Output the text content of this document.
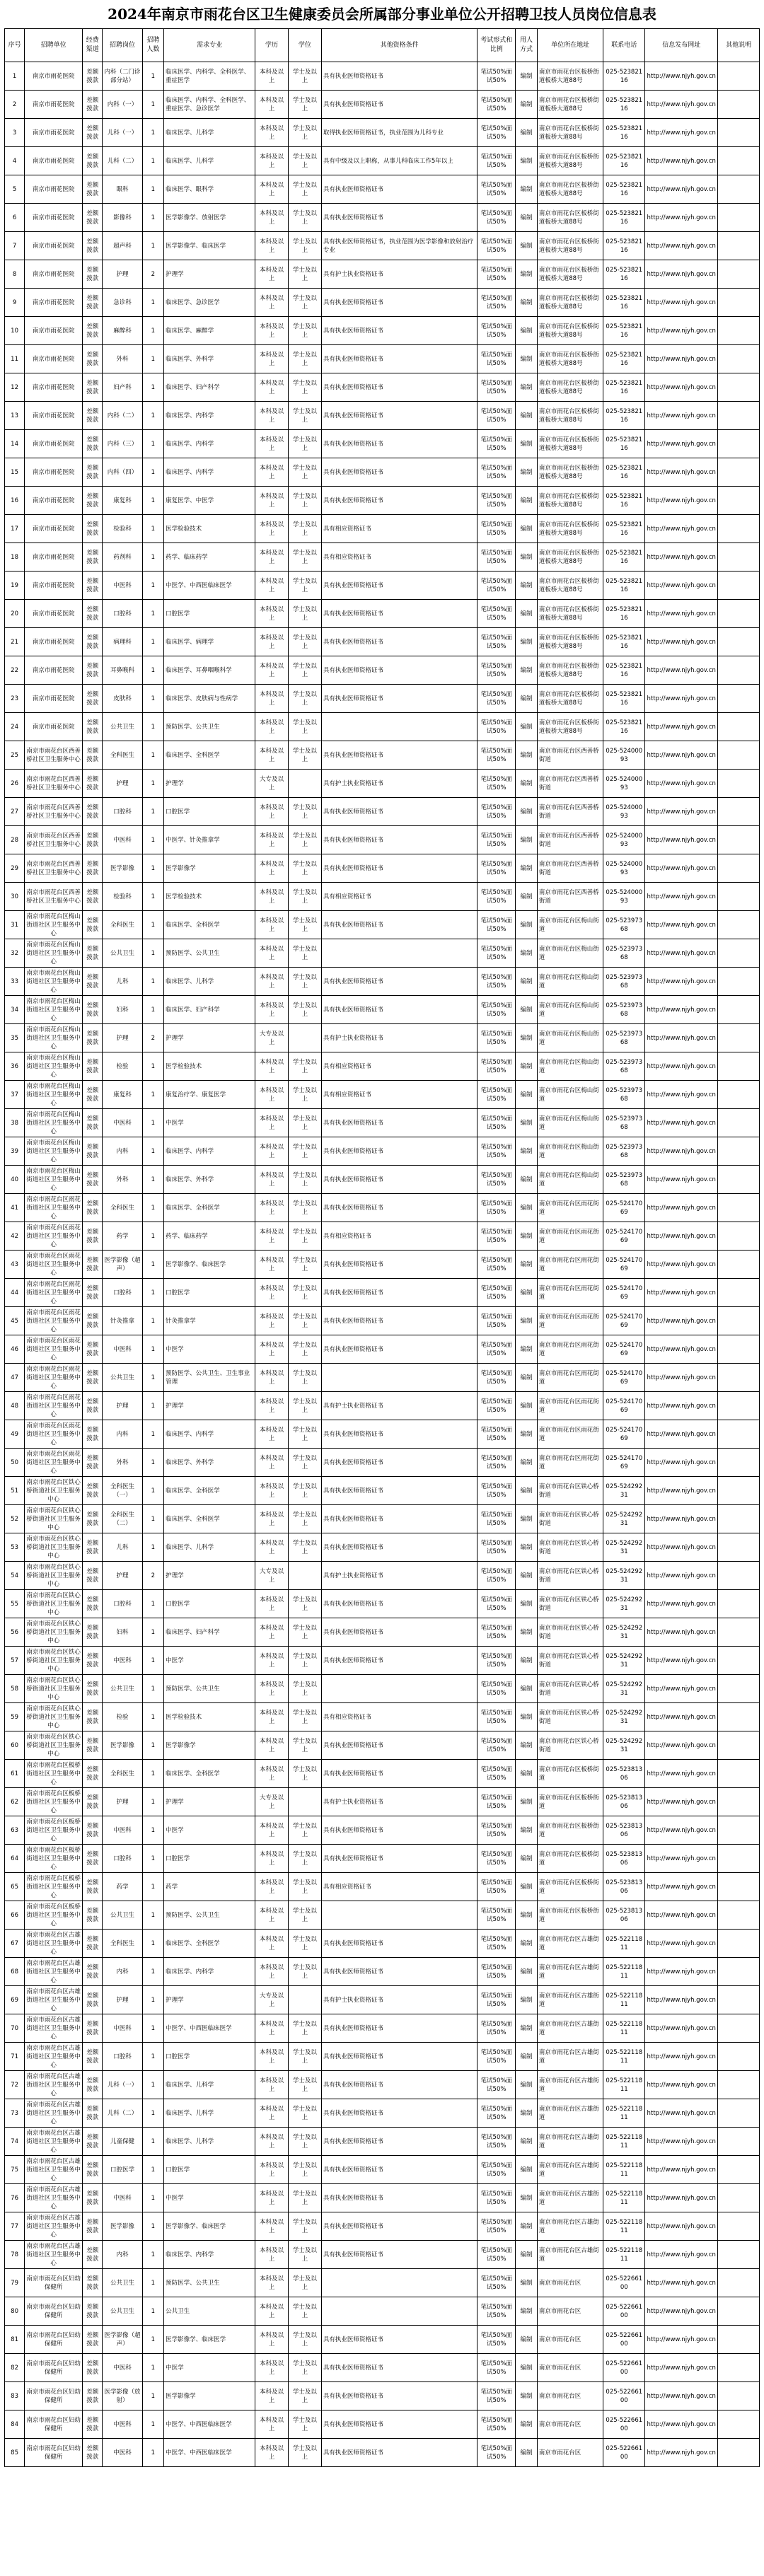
2024年南京市雨花台区卫生健康委员会所属部分事业单位公开招聘卫技人员岗位信息表
序号	招聘单位	经费渠道	招聘岗位	招聘人数	需求专业	学历	学位	其他资格条件	考试形式和比例	用人方式	单位所在地址	联系电话	信息发布网址	其他说明
1	南京市雨花医院	差额拨款	内科（二门诊部分站）	1	临床医学、内科学、全科医学、重症医学	本科及以上	学士及以上	具有执业医师资格证书	笔试50%面试50%	编制	南京市雨花台区板桥街道板桥大道88号	025-52382116	http://www.njyh.gov.cn	
2	南京市雨花医院	差额拨款	内科（一）	1	临床医学、内科学、全科医学、重症医学、急诊医学	本科及以上	学士及以上	具有执业医师资格证书	笔试50%面试50%	编制	南京市雨花台区板桥街道板桥大道88号	025-52382116	http://www.njyh.gov.cn	
3	南京市雨花医院	差额拨款	儿科（一）	1	临床医学、儿科学	本科及以上	学士及以上	取得执业医师资格证书，执业范围为儿科专业	笔试50%面试50%	编制	南京市雨花台区板桥街道板桥大道88号	025-52382116	http://www.njyh.gov.cn	
4	南京市雨花医院	差额拨款	儿科（二）	1	临床医学、儿科学	本科及以上	学士及以上	具有中级及以上职称，从事儿科临床工作5年以上	笔试50%面试50%	编制	南京市雨花台区板桥街道板桥大道88号	025-52382116	http://www.njyh.gov.cn	
5	南京市雨花医院	差额拨款	眼科	1	临床医学、眼科学	本科及以上	学士及以上	具有执业医师资格证书	笔试50%面试50%	编制	南京市雨花台区板桥街道板桥大道88号	025-52382116	http://www.njyh.gov.cn	
6	南京市雨花医院	差额拨款	影像科	1	医学影像学、放射医学	本科及以上	学士及以上	具有执业医师资格证书	笔试50%面试50%	编制	南京市雨花台区板桥街道板桥大道88号	025-52382116	http://www.njyh.gov.cn	
7	南京市雨花医院	差额拨款	超声科	1	医学影像学、临床医学	本科及以上	学士及以上	具有执业医师资格证书，执业范围为医学影像和放射治疗专业	笔试50%面试50%	编制	南京市雨花台区板桥街道板桥大道88号	025-52382116	http://www.njyh.gov.cn	
8	南京市雨花医院	差额拨款	护理	2	护理学	本科及以上	学士及以上	具有护士执业资格证书	笔试50%面试50%	编制	南京市雨花台区板桥街道板桥大道88号	025-52382116	http://www.njyh.gov.cn	
9	南京市雨花医院	差额拨款	急诊科	1	临床医学、急诊医学	本科及以上	学士及以上	具有执业医师资格证书	笔试50%面试50%	编制	南京市雨花台区板桥街道板桥大道88号	025-52382116	http://www.njyh.gov.cn	
10	南京市雨花医院	差额拨款	麻醉科	1	临床医学、麻醉学	本科及以上	学士及以上	具有执业医师资格证书	笔试50%面试50%	编制	南京市雨花台区板桥街道板桥大道88号	025-52382116	http://www.njyh.gov.cn	
11	南京市雨花医院	差额拨款	外科	1	临床医学、外科学	本科及以上	学士及以上	具有执业医师资格证书	笔试50%面试50%	编制	南京市雨花台区板桥街道板桥大道88号	025-52382116	http://www.njyh.gov.cn	
12	南京市雨花医院	差额拨款	妇产科	1	临床医学、妇产科学	本科及以上	学士及以上	具有执业医师资格证书	笔试50%面试50%	编制	南京市雨花台区板桥街道板桥大道88号	025-52382116	http://www.njyh.gov.cn	
13	南京市雨花医院	差额拨款	内科（二）	1	临床医学、内科学	本科及以上	学士及以上	具有执业医师资格证书	笔试50%面试50%	编制	南京市雨花台区板桥街道板桥大道88号	025-52382116	http://www.njyh.gov.cn	
14	南京市雨花医院	差额拨款	内科（三）	1	临床医学、内科学	本科及以上	学士及以上	具有执业医师资格证书	笔试50%面试50%	编制	南京市雨花台区板桥街道板桥大道88号	025-52382116	http://www.njyh.gov.cn	
15	南京市雨花医院	差额拨款	内科（四）	1	临床医学、内科学	本科及以上	学士及以上	具有执业医师资格证书	笔试50%面试50%	编制	南京市雨花台区板桥街道板桥大道88号	025-52382116	http://www.njyh.gov.cn	
16	南京市雨花医院	差额拨款	康复科	1	康复医学、中医学	本科及以上	学士及以上	具有执业医师资格证书	笔试50%面试50%	编制	南京市雨花台区板桥街道板桥大道88号	025-52382116	http://www.njyh.gov.cn	
17	南京市雨花医院	差额拨款	检验科	1	医学检验技术	本科及以上	学士及以上	具有相应资格证书	笔试50%面试50%	编制	南京市雨花台区板桥街道板桥大道88号	025-52382116	http://www.njyh.gov.cn	
18	南京市雨花医院	差额拨款	药剂科	1	药学、临床药学	本科及以上	学士及以上	具有相应资格证书	笔试50%面试50%	编制	南京市雨花台区板桥街道板桥大道88号	025-52382116	http://www.njyh.gov.cn	
19	南京市雨花医院	差额拨款	中医科	1	中医学、中西医临床医学	本科及以上	学士及以上	具有执业医师资格证书	笔试50%面试50%	编制	南京市雨花台区板桥街道板桥大道88号	025-52382116	http://www.njyh.gov.cn	
20	南京市雨花医院	差额拨款	口腔科	1	口腔医学	本科及以上	学士及以上	具有执业医师资格证书	笔试50%面试50%	编制	南京市雨花台区板桥街道板桥大道88号	025-52382116	http://www.njyh.gov.cn	
21	南京市雨花医院	差额拨款	病理科	1	临床医学、病理学	本科及以上	学士及以上	具有执业医师资格证书	笔试50%面试50%	编制	南京市雨花台区板桥街道板桥大道88号	025-52382116	http://www.njyh.gov.cn	
22	南京市雨花医院	差额拨款	耳鼻喉科	1	临床医学、耳鼻咽喉科学	本科及以上	学士及以上	具有执业医师资格证书	笔试50%面试50%	编制	南京市雨花台区板桥街道板桥大道88号	025-52382116	http://www.njyh.gov.cn	
23	南京市雨花医院	差额拨款	皮肤科	1	临床医学、皮肤病与性病学	本科及以上	学士及以上	具有执业医师资格证书	笔试50%面试50%	编制	南京市雨花台区板桥街道板桥大道88号	025-52382116	http://www.njyh.gov.cn	
24	南京市雨花医院	差额拨款	公共卫生	1	预防医学、公共卫生	本科及以上	学士及以上		笔试50%面试50%	编制	南京市雨花台区板桥街道板桥大道88号	025-52382116	http://www.njyh.gov.cn	
25	南京市雨花台区西善桥社区卫生服务中心	差额拨款	全科医生	1	临床医学、全科医学	本科及以上	学士及以上	具有执业医师资格证书	笔试50%面试50%	编制	南京市雨花台区西善桥街道	025-52400093	http://www.njyh.gov.cn	
26	南京市雨花台区西善桥社区卫生服务中心	差额拨款	护理	1	护理学	大专及以上		具有护士执业资格证书	笔试50%面试50%	编制	南京市雨花台区西善桥街道	025-52400093	http://www.njyh.gov.cn	
27	南京市雨花台区西善桥社区卫生服务中心	差额拨款	口腔科	1	口腔医学	本科及以上	学士及以上	具有执业医师资格证书	笔试50%面试50%	编制	南京市雨花台区西善桥街道	025-52400093	http://www.njyh.gov.cn	
28	南京市雨花台区西善桥社区卫生服务中心	差额拨款	中医科	1	中医学、针灸推拿学	本科及以上	学士及以上	具有执业医师资格证书	笔试50%面试50%	编制	南京市雨花台区西善桥街道	025-52400093	http://www.njyh.gov.cn	
29	南京市雨花台区西善桥社区卫生服务中心	差额拨款	医学影像	1	医学影像学	本科及以上	学士及以上	具有执业医师资格证书	笔试50%面试50%	编制	南京市雨花台区西善桥街道	025-52400093	http://www.njyh.gov.cn	
30	南京市雨花台区西善桥社区卫生服务中心	差额拨款	检验科	1	医学检验技术	本科及以上	学士及以上	具有相应资格证书	笔试50%面试50%	编制	南京市雨花台区西善桥街道	025-52400093	http://www.njyh.gov.cn	
31	南京市雨花台区梅山街道社区卫生服务中心	差额拨款	全科医生	1	临床医学、全科医学	本科及以上	学士及以上	具有执业医师资格证书	笔试50%面试50%	编制	南京市雨花台区梅山街道	025-52397368	http://www.njyh.gov.cn	
32	南京市雨花台区梅山街道社区卫生服务中心	差额拨款	公共卫生	1	预防医学、公共卫生	本科及以上	学士及以上		笔试50%面试50%	编制	南京市雨花台区梅山街道	025-52397368	http://www.njyh.gov.cn	
33	南京市雨花台区梅山街道社区卫生服务中心	差额拨款	儿科	1	临床医学、儿科学	本科及以上	学士及以上	具有执业医师资格证书	笔试50%面试50%	编制	南京市雨花台区梅山街道	025-52397368	http://www.njyh.gov.cn	
34	南京市雨花台区梅山街道社区卫生服务中心	差额拨款	妇科	1	临床医学、妇产科学	本科及以上	学士及以上	具有执业医师资格证书	笔试50%面试50%	编制	南京市雨花台区梅山街道	025-52397368	http://www.njyh.gov.cn	
35	南京市雨花台区梅山街道社区卫生服务中心	差额拨款	护理	2	护理学	大专及以上		具有护士执业资格证书	笔试50%面试50%	编制	南京市雨花台区梅山街道	025-52397368	http://www.njyh.gov.cn	
36	南京市雨花台区梅山街道社区卫生服务中心	差额拨款	检验	1	医学检验技术	本科及以上	学士及以上	具有相应资格证书	笔试50%面试50%	编制	南京市雨花台区梅山街道	025-52397368	http://www.njyh.gov.cn	
37	南京市雨花台区梅山街道社区卫生服务中心	差额拨款	康复科	1	康复治疗学、康复医学	本科及以上	学士及以上	具有相应资格证书	笔试50%面试50%	编制	南京市雨花台区梅山街道	025-52397368	http://www.njyh.gov.cn	
38	南京市雨花台区梅山街道社区卫生服务中心	差额拨款	中医科	1	中医学	本科及以上	学士及以上	具有执业医师资格证书	笔试50%面试50%	编制	南京市雨花台区梅山街道	025-52397368	http://www.njyh.gov.cn	
39	南京市雨花台区梅山街道社区卫生服务中心	差额拨款	内科	1	临床医学、内科学	本科及以上	学士及以上	具有执业医师资格证书	笔试50%面试50%	编制	南京市雨花台区梅山街道	025-52397368	http://www.njyh.gov.cn	
40	南京市雨花台区梅山街道社区卫生服务中心	差额拨款	外科	1	临床医学、外科学	本科及以上	学士及以上	具有执业医师资格证书	笔试50%面试50%	编制	南京市雨花台区梅山街道	025-52397368	http://www.njyh.gov.cn	
41	南京市雨花台区雨花街道社区卫生服务中心	差额拨款	全科医生	1	临床医学、全科医学	本科及以上	学士及以上	具有执业医师资格证书	笔试50%面试50%	编制	南京市雨花台区雨花街道	025-52417069	http://www.njyh.gov.cn	
42	南京市雨花台区雨花街道社区卫生服务中心	差额拨款	药学	1	药学、临床药学	本科及以上	学士及以上	具有相应资格证书	笔试50%面试50%	编制	南京市雨花台区雨花街道	025-52417069	http://www.njyh.gov.cn	
43	南京市雨花台区雨花街道社区卫生服务中心	差额拨款	医学影像（超声）	1	医学影像学、临床医学	本科及以上	学士及以上	具有执业医师资格证书	笔试50%面试50%	编制	南京市雨花台区雨花街道	025-52417069	http://www.njyh.gov.cn	
44	南京市雨花台区雨花街道社区卫生服务中心	差额拨款	口腔科	1	口腔医学	本科及以上	学士及以上	具有执业医师资格证书	笔试50%面试50%	编制	南京市雨花台区雨花街道	025-52417069	http://www.njyh.gov.cn	
45	南京市雨花台区雨花街道社区卫生服务中心	差额拨款	针灸推拿	1	针灸推拿学	本科及以上	学士及以上	具有执业医师资格证书	笔试50%面试50%	编制	南京市雨花台区雨花街道	025-52417069	http://www.njyh.gov.cn	
46	南京市雨花台区雨花街道社区卫生服务中心	差额拨款	中医科	1	中医学	本科及以上	学士及以上	具有执业医师资格证书	笔试50%面试50%	编制	南京市雨花台区雨花街道	025-52417069	http://www.njyh.gov.cn	
47	南京市雨花台区雨花街道社区卫生服务中心	差额拨款	公共卫生	1	预防医学、公共卫生、卫生事业管理	本科及以上	学士及以上		笔试50%面试50%	编制	南京市雨花台区雨花街道	025-52417069	http://www.njyh.gov.cn	
48	南京市雨花台区雨花街道社区卫生服务中心	差额拨款	护理	1	护理学	本科及以上	学士及以上	具有护士执业资格证书	笔试50%面试50%	编制	南京市雨花台区雨花街道	025-52417069	http://www.njyh.gov.cn	
49	南京市雨花台区雨花街道社区卫生服务中心	差额拨款	内科	1	临床医学、内科学	本科及以上	学士及以上	具有执业医师资格证书	笔试50%面试50%	编制	南京市雨花台区雨花街道	025-52417069	http://www.njyh.gov.cn	
50	南京市雨花台区雨花街道社区卫生服务中心	差额拨款	外科	1	临床医学、外科学	本科及以上	学士及以上	具有执业医师资格证书	笔试50%面试50%	编制	南京市雨花台区雨花街道	025-52417069	http://www.njyh.gov.cn	
51	南京市雨花台区铁心桥街道社区卫生服务中心	差额拨款	全科医生（一）	1	临床医学、全科医学	本科及以上	学士及以上	具有执业医师资格证书	笔试50%面试50%	编制	南京市雨花台区铁心桥街道	025-52429231	http://www.njyh.gov.cn	
52	南京市雨花台区铁心桥街道社区卫生服务中心	差额拨款	全科医生（二）	1	临床医学、全科医学	本科及以上	学士及以上	具有执业医师资格证书	笔试50%面试50%	编制	南京市雨花台区铁心桥街道	025-52429231	http://www.njyh.gov.cn	
53	南京市雨花台区铁心桥街道社区卫生服务中心	差额拨款	儿科	1	临床医学、儿科学	本科及以上	学士及以上	具有执业医师资格证书	笔试50%面试50%	编制	南京市雨花台区铁心桥街道	025-52429231	http://www.njyh.gov.cn	
54	南京市雨花台区铁心桥街道社区卫生服务中心	差额拨款	护理	2	护理学	大专及以上		具有护士执业资格证书	笔试50%面试50%	编制	南京市雨花台区铁心桥街道	025-52429231	http://www.njyh.gov.cn	
55	南京市雨花台区铁心桥街道社区卫生服务中心	差额拨款	口腔科	1	口腔医学	本科及以上	学士及以上	具有执业医师资格证书	笔试50%面试50%	编制	南京市雨花台区铁心桥街道	025-52429231	http://www.njyh.gov.cn	
56	南京市雨花台区铁心桥街道社区卫生服务中心	差额拨款	妇科	1	临床医学、妇产科学	本科及以上	学士及以上	具有执业医师资格证书	笔试50%面试50%	编制	南京市雨花台区铁心桥街道	025-52429231	http://www.njyh.gov.cn	
57	南京市雨花台区铁心桥街道社区卫生服务中心	差额拨款	中医科	1	中医学	本科及以上	学士及以上	具有执业医师资格证书	笔试50%面试50%	编制	南京市雨花台区铁心桥街道	025-52429231	http://www.njyh.gov.cn	
58	南京市雨花台区铁心桥街道社区卫生服务中心	差额拨款	公共卫生	1	预防医学、公共卫生	本科及以上	学士及以上		笔试50%面试50%	编制	南京市雨花台区铁心桥街道	025-52429231	http://www.njyh.gov.cn	
59	南京市雨花台区铁心桥街道社区卫生服务中心	差额拨款	检验	1	医学检验技术	本科及以上	学士及以上	具有相应资格证书	笔试50%面试50%	编制	南京市雨花台区铁心桥街道	025-52429231	http://www.njyh.gov.cn	
60	南京市雨花台区铁心桥街道社区卫生服务中心	差额拨款	医学影像	1	医学影像学	本科及以上	学士及以上	具有执业医师资格证书	笔试50%面试50%	编制	南京市雨花台区铁心桥街道	025-52429231	http://www.njyh.gov.cn	
61	南京市雨花台区板桥街道社区卫生服务中心	差额拨款	全科医生	1	临床医学、全科医学	本科及以上	学士及以上	具有执业医师资格证书	笔试50%面试50%	编制	南京市雨花台区板桥街道	025-52381306	http://www.njyh.gov.cn	
62	南京市雨花台区板桥街道社区卫生服务中心	差额拨款	护理	1	护理学	大专及以上		具有护士执业资格证书	笔试50%面试50%	编制	南京市雨花台区板桥街道	025-52381306	http://www.njyh.gov.cn	
63	南京市雨花台区板桥街道社区卫生服务中心	差额拨款	中医科	1	中医学	本科及以上	学士及以上	具有执业医师资格证书	笔试50%面试50%	编制	南京市雨花台区板桥街道	025-52381306	http://www.njyh.gov.cn	
64	南京市雨花台区板桥街道社区卫生服务中心	差额拨款	口腔科	1	口腔医学	本科及以上	学士及以上	具有执业医师资格证书	笔试50%面试50%	编制	南京市雨花台区板桥街道	025-52381306	http://www.njyh.gov.cn	
65	南京市雨花台区板桥街道社区卫生服务中心	差额拨款	药学	1	药学	本科及以上	学士及以上	具有相应资格证书	笔试50%面试50%	编制	南京市雨花台区板桥街道	025-52381306	http://www.njyh.gov.cn	
66	南京市雨花台区板桥街道社区卫生服务中心	差额拨款	公共卫生	1	预防医学、公共卫生	本科及以上	学士及以上		笔试50%面试50%	编制	南京市雨花台区板桥街道	025-52381306	http://www.njyh.gov.cn	
67	南京市雨花台区古雄街道社区卫生服务中心	差额拨款	全科医生	1	临床医学、全科医学	本科及以上	学士及以上	具有执业医师资格证书	笔试50%面试50%	编制	南京市雨花台区古雄街道	025-52211811	http://www.njyh.gov.cn	
68	南京市雨花台区古雄街道社区卫生服务中心	差额拨款	内科	1	临床医学、内科学	本科及以上	学士及以上	具有执业医师资格证书	笔试50%面试50%	编制	南京市雨花台区古雄街道	025-52211811	http://www.njyh.gov.cn	
69	南京市雨花台区古雄街道社区卫生服务中心	差额拨款	护理	1	护理学	大专及以上		具有护士执业资格证书	笔试50%面试50%	编制	南京市雨花台区古雄街道	025-52211811	http://www.njyh.gov.cn	
70	南京市雨花台区古雄街道社区卫生服务中心	差额拨款	中医科	1	中医学、中西医临床医学	本科及以上	学士及以上	具有执业医师资格证书	笔试50%面试50%	编制	南京市雨花台区古雄街道	025-52211811	http://www.njyh.gov.cn	
71	南京市雨花台区古雄街道社区卫生服务中心	差额拨款	口腔科	1	口腔医学	本科及以上	学士及以上	具有执业医师资格证书	笔试50%面试50%	编制	南京市雨花台区古雄街道	025-52211811	http://www.njyh.gov.cn	
72	南京市雨花台区古雄街道社区卫生服务中心	差额拨款	儿科（一）	1	临床医学、儿科学	本科及以上	学士及以上	具有执业医师资格证书	笔试50%面试50%	编制	南京市雨花台区古雄街道	025-52211811	http://www.njyh.gov.cn	
73	南京市雨花台区古雄街道社区卫生服务中心	差额拨款	儿科（二）	1	临床医学、儿科学	本科及以上	学士及以上	具有执业医师资格证书	笔试50%面试50%	编制	南京市雨花台区古雄街道	025-52211811	http://www.njyh.gov.cn	
74	南京市雨花台区古雄街道社区卫生服务中心	差额拨款	儿童保健	1	临床医学、儿科学	本科及以上	学士及以上	具有执业医师资格证书	笔试50%面试50%	编制	南京市雨花台区古雄街道	025-52211811	http://www.njyh.gov.cn	
75	南京市雨花台区古雄街道社区卫生服务中心	差额拨款	口腔医学	1	口腔医学	本科及以上	学士及以上	具有执业医师资格证书	笔试50%面试50%	编制	南京市雨花台区古雄街道	025-52211811	http://www.njyh.gov.cn	
76	南京市雨花台区古雄街道社区卫生服务中心	差额拨款	中医科	1	中医学	本科及以上	学士及以上	具有执业医师资格证书	笔试50%面试50%	编制	南京市雨花台区古雄街道	025-52211811	http://www.njyh.gov.cn	
77	南京市雨花台区古雄街道社区卫生服务中心	差额拨款	医学影像	1	医学影像学、临床医学	本科及以上	学士及以上	具有执业医师资格证书	笔试50%面试50%	编制	南京市雨花台区古雄街道	025-52211811	http://www.njyh.gov.cn	
78	南京市雨花台区古雄街道社区卫生服务中心	差额拨款	内科	1	临床医学、内科学	本科及以上	学士及以上	具有执业医师资格证书	笔试50%面试50%	编制	南京市雨花台区古雄街道	025-52211811	http://www.njyh.gov.cn	
79	南京市雨花台区妇幼保健所	差额拨款	公共卫生	1	预防医学、公共卫生	本科及以上	学士及以上		笔试50%面试50%	编制	南京市雨花台区	025-52266100	http://www.njyh.gov.cn	
80	南京市雨花台区妇幼保健所	差额拨款	公共卫生	1	公共卫生	本科及以上	学士及以上		笔试50%面试50%	编制	南京市雨花台区	025-52266100	http://www.njyh.gov.cn	
81	南京市雨花台区妇幼保健所	差额拨款	医学影像（超声）	1	医学影像学、临床医学	本科及以上	学士及以上	具有执业医师资格证书	笔试50%面试50%	编制	南京市雨花台区	025-52266100	http://www.njyh.gov.cn	
82	南京市雨花台区妇幼保健所	差额拨款	中医科	1	中医学	本科及以上	学士及以上	具有执业医师资格证书	笔试50%面试50%	编制	南京市雨花台区	025-52266100	http://www.njyh.gov.cn	
83	南京市雨花台区妇幼保健所	差额拨款	医学影像（放射）	1	医学影像学	本科及以上	学士及以上	具有执业医师资格证书	笔试50%面试50%	编制	南京市雨花台区	025-52266100	http://www.njyh.gov.cn	
84	南京市雨花台区妇幼保健所	差额拨款	中医科	1	中医学、中西医临床医学	本科及以上	学士及以上	具有执业医师资格证书	笔试50%面试50%	编制	南京市雨花台区	025-52266100	http://www.njyh.gov.cn	
85	南京市雨花台区妇幼保健所	差额拨款	中医科	1	中医学、中西医临床医学	本科及以上	学士及以上	具有执业医师资格证书	笔试50%面试50%	编制	南京市雨花台区	025-52266100	http://www.njyh.gov.cn	
